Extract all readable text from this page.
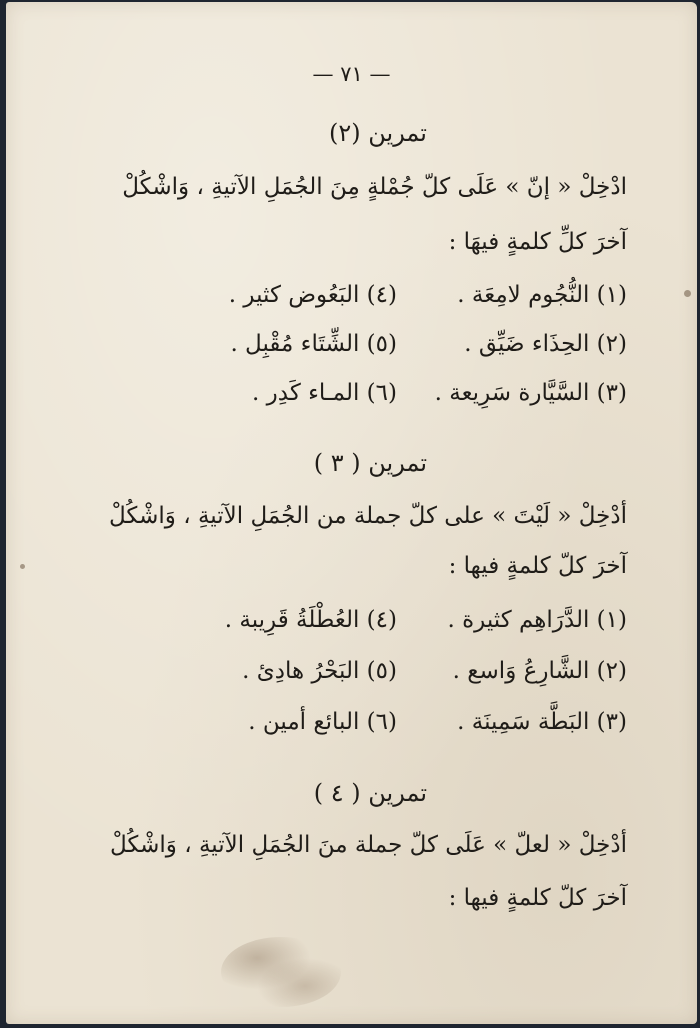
— ٧١ —
تمرين (٢)
ادْخِلْ « إنّ » عَلَى كلّ جُمْلةٍ مِنَ الجُمَلِ الآتيةِ ، وَاشْكُلْ
آخرَ كلِّ كلمةٍ فيهَا :
(١) النُّجُوم لامِعَة .
(٤) البَعُوض كثير .
(٢) الحِذَاء ضَيِّق .
(٥) الشِّتَاء مُقْبِل .
(٣) السَّيَّارة سَرِيعة .
(٦) المـاء كَدِر .
تمرين ( ٣ )
أدْخِلْ « لَيْتَ » على كلّ جملة من الجُمَلِ الآتيةِ ، وَاشْكُلْ
آخرَ كلّ كلمةٍ فيها :
(١) الدَّرَاهِم كثيرة .
(٤) العُطْلَةُ قَرِيبة .
(٢) الشَّارِعُ وَاسع .
(٥) البَحْرُ هادِئ .
(٣) البَطَّة سَمِينَة .
(٦) البائع أمين .
تمرين ( ٤ )
أدْخِلْ « لعلّ » عَلَى كلّ جملة منَ الجُمَلِ الآتيةِ ، وَاشْكُلْ
آخرَ كلّ كلمةٍ فيها :
